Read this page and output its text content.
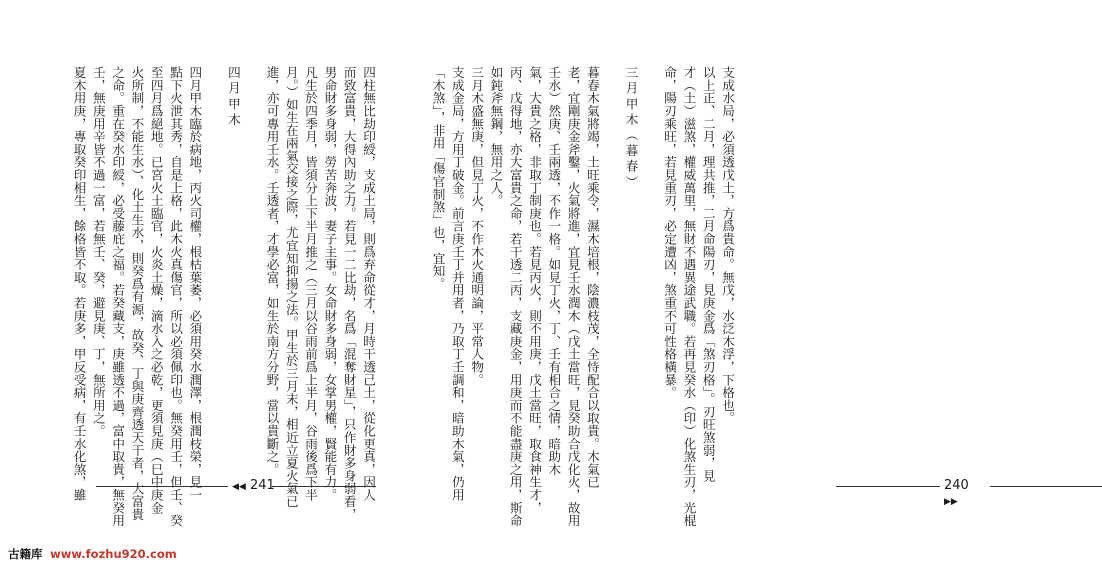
四柱無比劫印綬，支成土局，則爲弃命從才，月時干透己土，從化更真，因人
而致富貴，大得內助之力。若見一二比劫，名爲「混奪財星」，只作財多身弱看，
男命財多身弱，勞苦奔波，妻子主事。女命財多身弱，女掌男權，賢能有力。
凡生於四季月，皆須分上下半月推之（三月以谷雨前爲上半月，谷雨後爲下半
月。）如生在兩氣交接之際，尤宜知抑揚之法。甲生於三月末，相近立夏火氣已
進，亦可專用壬水。壬透者，才學必富，如生於南方分野，當以貴斷之。

四月甲木

四月甲木臨於病地，丙火司權，根枯葉萎，必須用癸水潤澤，根潤枝榮，見一
點下火泄其秀，自是上格，此木火真傷官，所以必須佩印也。無癸用壬，但壬、癸
至四月爲絕地。已宮火土臨官，火炎土燥，滴水入之必乾，更須見庚（巳中庚金
火所制，不能生水）、化土生水，則癸爲有源，故癸、丁與庚齊透天干者，大富貴
之命。重在癸水印綬，必受藤庇之福。若癸藏支，庚雖透不過，富中取貴，無癸用
壬，無庚用辛皆不過一富，若無壬、癸，避見庚、丁，無所用之。
夏木用庚，專取癸印相生，餘格皆不取。若庚多，甲反受病，有壬水化煞，雖	◀◀ 241
支成水局，必須透戊土，方爲貴命。無戊，水泛木浮，下格也。
以上正、二月，理共推，二月命陽刃，見庚金爲「煞刃格」。刃旺煞弱，見
才（土）滋煞，權威萬里，無財不遇異途武職。若再見癸水（印）化煞生刃，光棍
命，陽刃乘旺，若見重刃，必定遭凶，煞重不可性格橫暴。

三月甲木（暮春）

暮春木氣將竭，土旺乘令，濕木培根，陰濃枝茂，全恃配合以取貴。木氣已
老，宜剛庚金斧鑿，火氣將進，宜見壬水潤木（戊土當旺，見癸助合戊化火，故用
壬水）然庚、壬兩透，不作一格。如見丁火，丁、壬有相合之情，暗助木
氣，大貴之格，非取丁制庚也。若見丙火，則不用庚，戊土當旺，取食神生才，
丙、戊得地，亦大富貴之命，若干透二丙，支藏庚金，用庚而不能盡庚之用，斯命
如鈍斧無鋼，無用之人。
三月木盛無庚，但見丁火，不作木火通明論，平常人物。
支成金局，方用丁破金。前言庚壬丁并用者，乃取丁壬調和，暗助木氣，仍用
「木煞」，非用「傷官制煞」也，宜知。
240 ▶▶
古籍库 www.fozhu920.com
